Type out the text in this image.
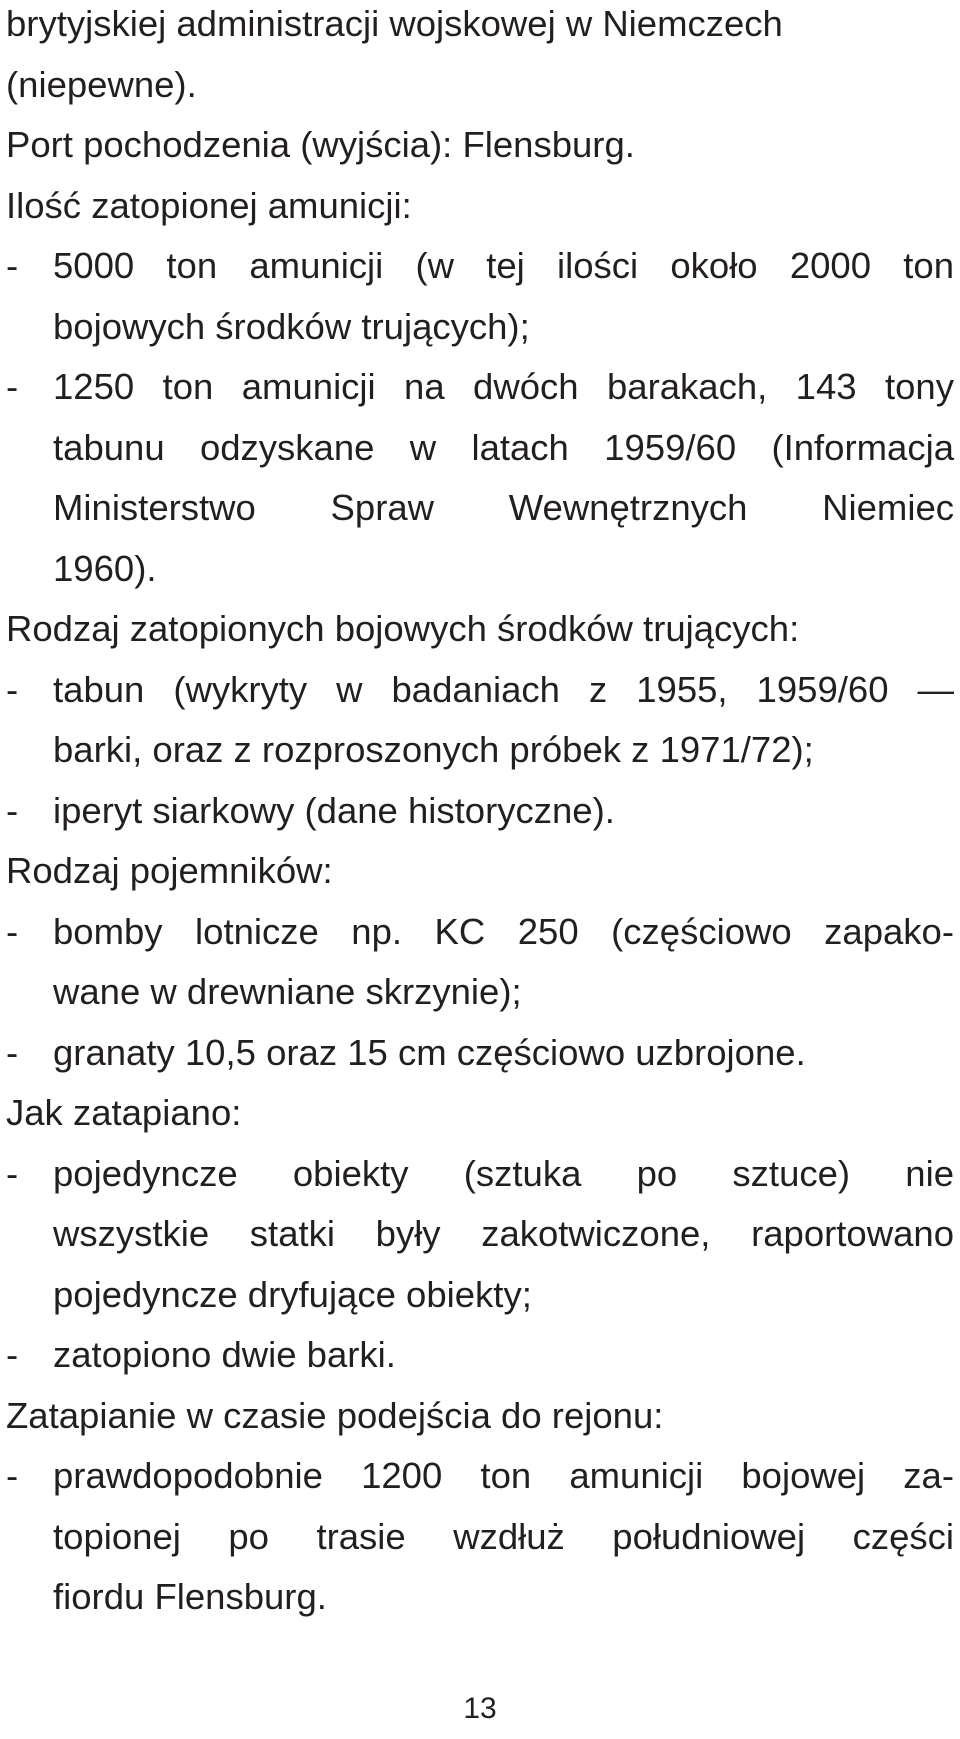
brytyjskiej administracji wojskowej w Niemczech
(niepewne).
Port pochodzenia (wyjścia): Flensburg.
Ilość zatopionej amunicji:
- 5000 ton amunicji (w tej ilości około 2000 ton
bojowych środków trujących);
- 1250 ton amunicji na dwóch barakach, 143 tony
tabunu odzyskane w latach 1959/60 (Informacja
Ministerstwo Spraw Wewnętrznych Niemiec
1960).
Rodzaj zatopionych bojowych środków trujących:
- tabun (wykryty w badaniach z 1955, 1959/60 —
barki, oraz z rozproszonych próbek z 1971/72);
- iperyt siarkowy (dane historyczne).
Rodzaj pojemników:
- bomby lotnicze np. KC 250 (częściowo zapako-
wane w drewniane skrzynie);
- granaty 10,5 oraz 15 cm częściowo uzbrojone.
Jak zatapiano:
- pojedyncze obiekty (sztuka po sztuce) nie
wszystkie statki były zakotwiczone, raportowano
pojedyncze dryfujące obiekty;
- zatopiono dwie barki.
Zatapianie w czasie podejścia do rejonu:
- prawdopodobnie 1200 ton amunicji bojowej za-
topionej po trasie wzdłuż południowej części
fiordu Flensburg.
13
